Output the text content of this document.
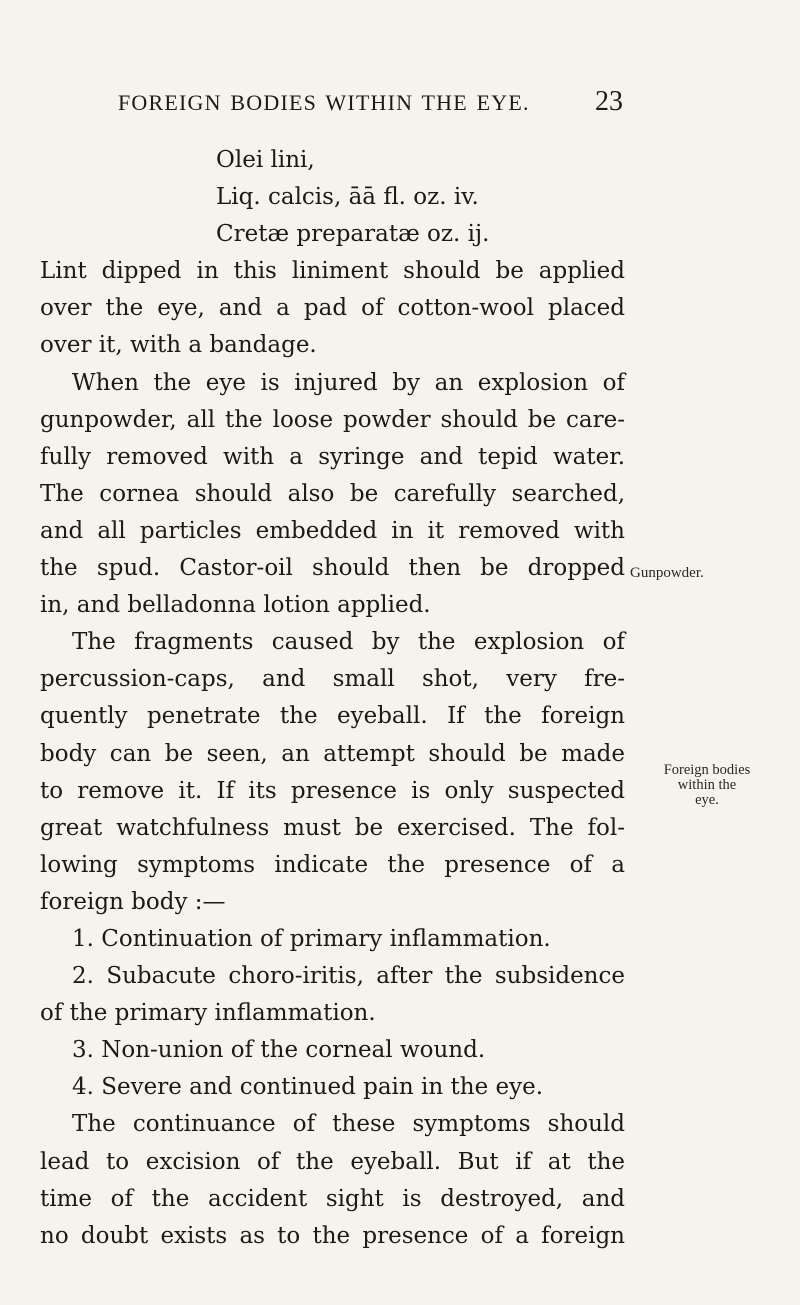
FOREIGN BODIES WITHIN THE EYE. 23
Olei lini,
Liq. calcis, āā fl. oz. iv.
Cretæ preparatæ oz. ij.
Lint dipped in this liniment should be applied
over the eye, and a pad of cotton-wool placed
over it, with a bandage.
When the eye is injured by an explosion of
gunpowder, all the loose powder should be care-
fully removed with a syringe and tepid water.
The cornea should also be carefully searched,
and all particles embedded in it removed with
the spud. Castor-oil should then be dropped
in, and belladonna lotion applied.
The fragments caused by the explosion of
percussion-caps, and small shot, very fre-
quently penetrate the eyeball. If the foreign
body can be seen, an attempt should be made
to remove it. If its presence is only suspected
great watchfulness must be exercised. The fol-
lowing symptoms indicate the presence of a
foreign body :—
1. Continuation of primary inflammation.
2. Subacute choro-iritis, after the subsidence
of the primary inflammation.
3. Non-union of the corneal wound.
4. Severe and continued pain in the eye.
The continuance of these symptoms should
lead to excision of the eyeball. But if at the
time of the accident sight is destroyed, and
no doubt exists as to the presence of a foreign
Gunpowder.
Foreign bodies
within the
eye.
